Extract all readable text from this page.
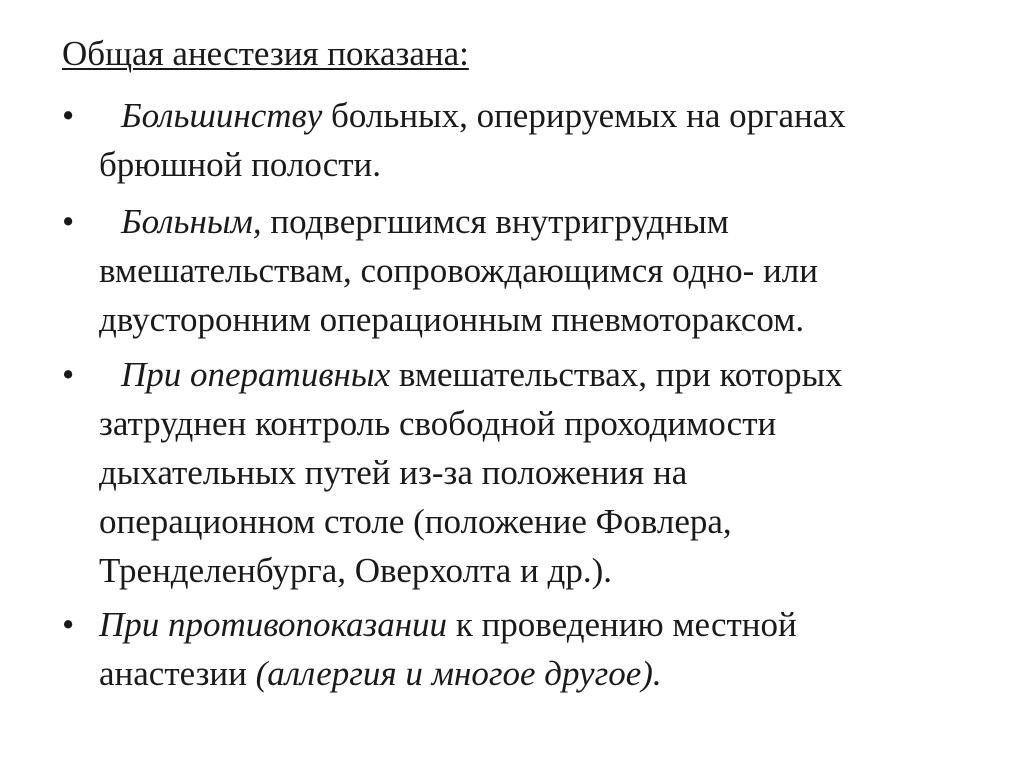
Общая анестезия показана:
•	Большинству больных, оперируемых на органах
брюшной полости.
•	Больным, подвергшимся внутригрудным
вмешательствам, сопровождающимся одно- или
двусторонним операционным пневмотораксом.
•	При оперативных вмешательствах, при которых
затруднен контроль свободной проходимости
дыхательных путей из-за положения на
операционном столе (положение Фовлера,
Тренделенбурга, Оверхолта и др.).
• При противопоказании к проведению местной
анастезии (аллергия и многое другое).
